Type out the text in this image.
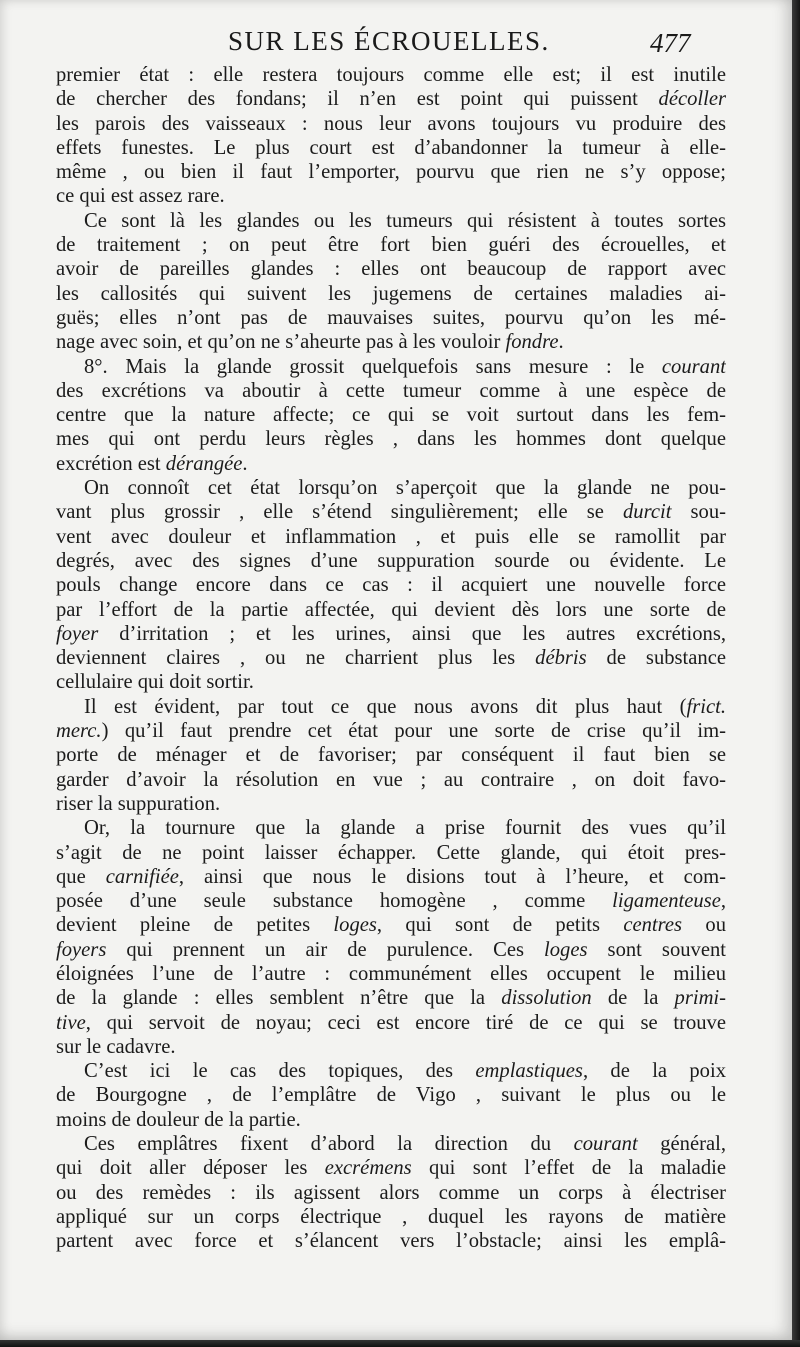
SUR LES ÉCROUELLES.	477
premier état : elle restera toujours comme elle est; il est inutile
de chercher des fondans; il n’en est point qui puissent décoller
les parois des vaisseaux : nous leur avons toujours vu produire des
effets funestes. Le plus court est d’abandonner la tumeur à elle-
même , ou bien il faut l’emporter, pourvu que rien ne s’y oppose;
ce qui est assez rare.
Ce sont là les glandes ou les tumeurs qui résistent à toutes sortes
de traitement ; on peut être fort bien guéri des écrouelles, et
avoir de pareilles glandes : elles ont beaucoup de rapport avec
les callosités qui suivent les jugemens de certaines maladies ai-
guës; elles n’ont pas de mauvaises suites, pourvu qu’on les mé-
nage avec soin, et qu’on ne s’aheurte pas à les vouloir fondre.
8°. Mais la glande grossit quelquefois sans mesure : le courant
des excrétions va aboutir à cette tumeur comme à une espèce de
centre que la nature affecte; ce qui se voit surtout dans les fem-
mes qui ont perdu leurs règles , dans les hommes dont quelque
excrétion est dérangée.
On connoît cet état lorsqu’on s’aperçoit que la glande ne pou-
vant plus grossir , elle s’étend singulièrement; elle se durcit sou-
vent avec douleur et inflammation , et puis elle se ramollit par
degrés, avec des signes d’une suppuration sourde ou évidente. Le
pouls change encore dans ce cas : il acquiert une nouvelle force
par l’effort de la partie affectée, qui devient dès lors une sorte de
foyer d’irritation ; et les urines, ainsi que les autres excrétions,
deviennent claires , ou ne charrient plus les débris de substance
cellulaire qui doit sortir.
Il est évident, par tout ce que nous avons dit plus haut (frict.
merc.) qu’il faut prendre cet état pour une sorte de crise qu’il im-
porte de ménager et de favoriser; par conséquent il faut bien se
garder d’avoir la résolution en vue ; au contraire , on doit favo-
riser la suppuration.
Or, la tournure que la glande a prise fournit des vues qu’il
s’agit de ne point laisser échapper. Cette glande, qui étoit pres-
que carnifiée, ainsi que nous le disions tout à l’heure, et com-
posée d’une seule substance homogène , comme ligamenteuse,
devient pleine de petites loges, qui sont de petits centres ou
foyers qui prennent un air de purulence. Ces loges sont souvent
éloignées l’une de l’autre : communément elles occupent le milieu
de la glande : elles semblent n’être que la dissolution de la primi-
tive, qui servoit de noyau; ceci est encore tiré de ce qui se trouve
sur le cadavre.
C’est ici le cas des topiques, des emplastiques, de la poix
de Bourgogne , de l’emplâtre de Vigo , suivant le plus ou le
moins de douleur de la partie.
Ces emplâtres fixent d’abord la direction du courant général,
qui doit aller déposer les excrémens qui sont l’effet de la maladie
ou des remèdes : ils agissent alors comme un corps à électriser
appliqué sur un corps électrique , duquel les rayons de matière
partent avec force et s’élancent vers l’obstacle; ainsi les emplâ-
